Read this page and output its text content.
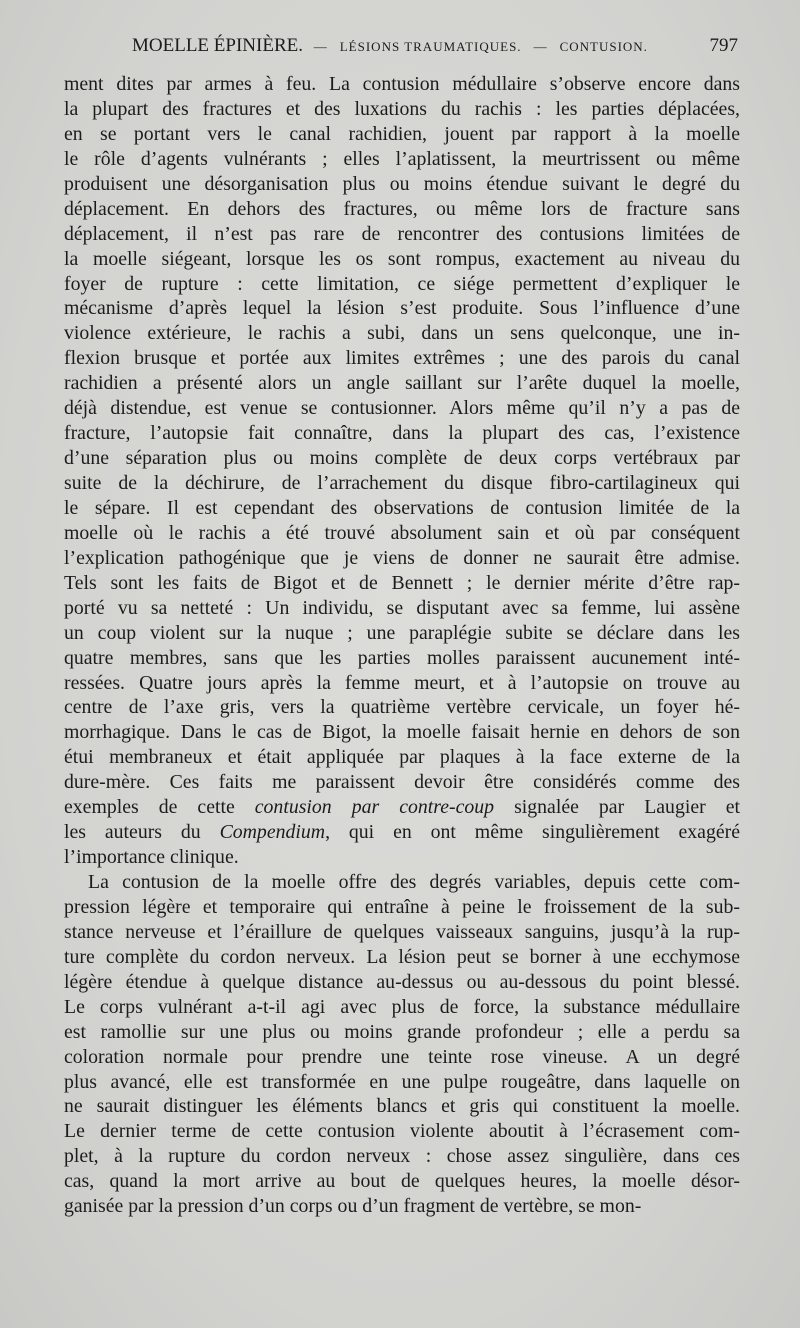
MOELLE ÉPINIÈRE. — LÉSIONS TRAUMATIQUES. — CONTUSION.	797
ment dites par armes à feu. La contusion médullaire s’observe encore dans
la plupart des fractures et des luxations du rachis : les parties déplacées,
en se portant vers le canal rachidien, jouent par rapport à la moelle
le rôle d’agents vulnérants ; elles l’aplatissent, la meurtrissent ou même
produisent une désorganisation plus ou moins étendue suivant le degré du
déplacement. En dehors des fractures, ou même lors de fracture sans
déplacement, il n’est pas rare de rencontrer des contusions limitées de
la moelle siégeant, lorsque les os sont rompus, exactement au niveau du
foyer de rupture : cette limitation, ce siége permettent d’expliquer le
mécanisme d’après lequel la lésion s’est produite. Sous l’influence d’une
violence extérieure, le rachis a subi, dans un sens quelconque, une in-
flexion brusque et portée aux limites extrêmes ; une des parois du canal
rachidien a présenté alors un angle saillant sur l’arête duquel la moelle,
déjà distendue, est venue se contusionner. Alors même qu’il n’y a pas de
fracture, l’autopsie fait connaître, dans la plupart des cas, l’existence
d’une séparation plus ou moins complète de deux corps vertébraux par
suite de la déchirure, de l’arrachement du disque fibro-cartilagineux qui
le sépare. Il est cependant des observations de contusion limitée de la
moelle où le rachis a été trouvé absolument sain et où par conséquent
l’explication pathogénique que je viens de donner ne saurait être admise.
Tels sont les faits de Bigot et de Bennett ; le dernier mérite d’être rap-
porté vu sa netteté : Un individu, se disputant avec sa femme, lui assène
un coup violent sur la nuque ; une paraplégie subite se déclare dans les
quatre membres, sans que les parties molles paraissent aucunement inté-
ressées. Quatre jours après la femme meurt, et à l’autopsie on trouve au
centre de l’axe gris, vers la quatrième vertèbre cervicale, un foyer hé-
morrhagique. Dans le cas de Bigot, la moelle faisait hernie en dehors de son
étui membraneux et était appliquée par plaques à la face externe de la
dure-mère. Ces faits me paraissent devoir être considérés comme des
exemples de cette contusion par contre-coup signalée par Laugier et
les auteurs du Compendium, qui en ont même singulièrement exagéré
l’importance clinique.
La contusion de la moelle offre des degrés variables, depuis cette com-
pression légère et temporaire qui entraîne à peine le froissement de la sub-
stance nerveuse et l’éraillure de quelques vaisseaux sanguins, jusqu’à la rup-
ture complète du cordon nerveux. La lésion peut se borner à une ecchymose
légère étendue à quelque distance au-dessus ou au-dessous du point blessé.
Le corps vulnérant a-t-il agi avec plus de force, la substance médullaire
est ramollie sur une plus ou moins grande profondeur ; elle a perdu sa
coloration normale pour prendre une teinte rose vineuse. A un degré
plus avancé, elle est transformée en une pulpe rougeâtre, dans laquelle on
ne saurait distinguer les éléments blancs et gris qui constituent la moelle.
Le dernier terme de cette contusion violente aboutit à l’écrasement com-
plet, à la rupture du cordon nerveux : chose assez singulière, dans ces
cas, quand la mort arrive au bout de quelques heures, la moelle désor-
ganisée par la pression d’un corps ou d’un fragment de vertèbre, se mon-
